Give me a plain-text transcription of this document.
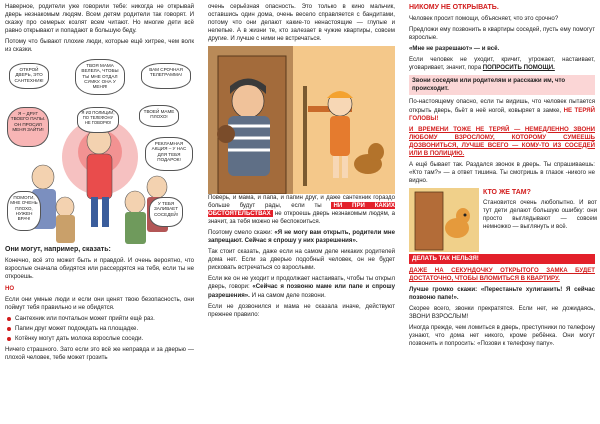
Наверное, родители уже говорили тебе: никогда не открывай дверь незнакомым людям. Всем детям родители так говорят. И сказку про семерых козлят всем читают. Но многие дети всё равно открывают и попадают в большую беду.

Потому что бывают плохие люди, которые ещё хитрее, чем волк из сказки.

ОТКРОЙ ДВЕРЬ, ЭТО САНТЕХНИК!
ТВОЯ МАМА ВЕЛЕЛА, ЧТОБЫ ТЫ МНЕ ОТДАЛ СУМКУ. ОНА У МЕНЯ!
ВАМ СРОЧНАЯ ТЕЛЕГРАММА!
Я – ДРУГ ТВОЕГО ПАПЫ. ОН ПРОСИЛ МЕНЯ ЗАЙТИ!
ТВОЕЙ МАМЕ ПЛОХО!
РЕКЛАМНАЯ АКЦИЯ – У НАС ДЛЯ ТЕБЯ ПОДАРОК!
ПОМОГИ, МНЕ ОЧЕНЬ ПЛОХО, НУЖЕН ВРАЧ!
У ТЕБЯ ЗАЛИВАЕТ СОСЕДЕЙ!
Я ИЗ ПОЛИЦИИ, ПО ТЕЛЕФОНУ НЕ ГОВОРЮ!

Они могут, например, сказать:

Конечно, всё это может быть и правдой. И очень вероятно, что взрослые сначала обидятся или рассердятся на тебя, если ты не откроешь.

НО

Если они умные люди и если они ценят твою безопасность, они поймут тебя правильно и не обидятся.

Сантехник или почтальон может прийти ещё раз.
Папин друг может подождать на площадке.
Котёнку могут дать молока взрослые соседи.

Ничего страшного. Зато если это всё же неправда и за дверью —плохой человек, тебе может грозить

очень серьёзная опасность. Это только в кино мальчик, оставшись один дома, очень весело справляется с бандитами, потому что они делают какие-то ненастоящие — глупые и нелепые. А в жизни те, кто залезает в чужие квартиры, совсем другие. И лучше с ними не встречаться.

Поверь, и мама, и папа, и папин друг, и даже сантехник гораздо больше будут рады, если ты НИ ПРИ КАКИХ ОБСТОЯТЕЛЬСТВАХ не откроешь дверь незнакомым людям, а значит, за тебя можно не беспокоиться.

Поэтому смело скажи: «Я не могу вам открыть, родители мне запрещают. Сейчас я спрошу у них разрешения».

Так стоит сказать, даже если на самом деле никаких родителей дома нет. Если за дверью подобный человек, он не будет рисковать встречаться со взрослыми.

Если же он не уходит и продолжает настаивать, чтобы ты открыл дверь, говори: «Сейчас я позвоню маме или папе и спрошу разрешения». И на самом деле позвони.

Если не дозвонился и мама не сказала иначе, действуют прежнее правило:

НИКОМУ НЕ ОТКРЫВАТЬ.

Человек просит помощи, объясняет, что это срочно?

Предложи ему позвонить в квартиры соседей, пусть ему помогут взрослые.

«Мне не разрешают» — и всё.

Если человек не уходит, кричит, угрожает, настаивает, уговаривает, значит, пора ПОПРОСИТЬ ПОМОЩИ.

Звони соседям или родителям и расскажи им, что происходит.

По-настоящему опасно, если ты видишь, что человек пытается открыть дверь, бьёт в неё ногой, ковыряет в замке, НЕ ТЕРЯЙ ГОЛОВЫ!

И ВРЕМЕНИ ТОЖЕ НЕ ТЕРЯЙ — НЕМЕДЛЕННО ЗВОНИ ЛЮБОМУ ВЗРОСЛОМУ, КОТОРОМУ СУМЕЕШЬ ДОЗВОНИТЬСЯ, ЛУЧШЕ ВСЕГО — КОМУ-ТО ИЗ СОСЕДЕЙ ИЛИ В ПОЛИЦИЮ.

А ещё бывает так. Раздался звонок в дверь. Ты спрашиваешь: «Кто там?» — а ответ тишина. Ты смотришь в глазок -никого не видно.

КТО ЖЕ ТАМ?

Становится очень любопытно. И вот тут дети делают большую ошибку: они просто выглядывают — совсем немножко — выглянуть и всё.

ДЕЛАТЬ ТАК НЕЛЬЗЯ!

ДАЖЕ НА СЕКУНДОЧКУ ОТКРЫТОГО ЗАМКА БУДЕТ ДОСТАТОЧНО, ЧТОБЫ ВЛОМИТЬСЯ В КВАРТИРУ.

Лучше громко скажи: «Перестаньте хулиганить! Я сейчас позвоню папе!».

Скорее всего, звонки прекратятся. Если нет, не дожидаясь, ЗВОНИ ВЗРОСЛЫМ!

Иногда прежде, чем ломиться в дверь, преступники по телефону узнают, что дома нет никого, кроме ребёнка. Они могут позвонить и попросить: «Позови к телефону папу».
